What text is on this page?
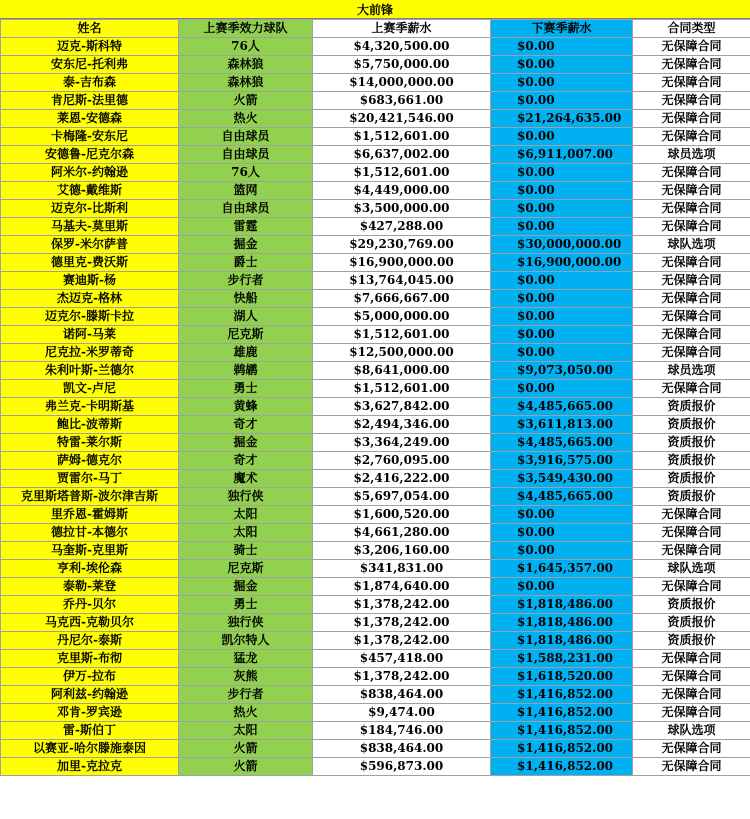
大前锋
姓名	上赛季效力球队	上赛季薪水	下赛季薪水	合同类型
迈克-斯科特	76人	$4,320,500.00	$0.00	无保障合同
安东尼-托利弗	森林狼	$5,750,000.00	$0.00	无保障合同
泰-吉布森	森林狼	$14,000,000.00	$0.00	无保障合同
肯尼斯-法里德	火箭	$683,661.00	$0.00	无保障合同
莱恩-安德森	热火	$20,421,546.00	$21,264,635.00	无保障合同
卡梅隆-安东尼	自由球员	$1,512,601.00	$0.00	无保障合同
安德鲁-尼克尔森	自由球员	$6,637,002.00	$6,911,007.00	球员选项
阿米尔-约翰逊	76人	$1,512,601.00	$0.00	无保障合同
艾德-戴维斯	篮网	$4,449,000.00	$0.00	无保障合同
迈克尔-比斯利	自由球员	$3,500,000.00	$0.00	无保障合同
马基夫-莫里斯	雷霆	$427,288.00	$0.00	无保障合同
保罗-米尔萨普	掘金	$29,230,769.00	$30,000,000.00	球队选项
德里克-费沃斯	爵士	$16,900,000.00	$16,900,000.00	无保障合同
赛迪斯-杨	步行者	$13,764,045.00	$0.00	无保障合同
杰迈克-格林	快船	$7,666,667.00	$0.00	无保障合同
迈克尔-滕斯卡拉	湖人	$5,000,000.00	$0.00	无保障合同
诺阿-马莱	尼克斯	$1,512,601.00	$0.00	无保障合同
尼克拉-米罗蒂奇	雄鹿	$12,500,000.00	$0.00	无保障合同
朱利叶斯-兰德尔	鹈鹕	$8,641,000.00	$9,073,050.00	球员选项
凯文-卢尼	勇士	$1,512,601.00	$0.00	无保障合同
弗兰克-卡明斯基	黄蜂	$3,627,842.00	$4,485,665.00	资质报价
鲍比-波蒂斯	奇才	$2,494,346.00	$3,611,813.00	资质报价
特雷-莱尔斯	掘金	$3,364,249.00	$4,485,665.00	资质报价
萨姆-德克尔	奇才	$2,760,095.00	$3,916,575.00	资质报价
贾雷尔-马丁	魔术	$2,416,222.00	$3,549,430.00	资质报价
克里斯塔普斯-波尔津吉斯	独行侠	$5,697,054.00	$4,485,665.00	资质报价
里乔恩-霍姆斯	太阳	$1,600,520.00	$0.00	无保障合同
德拉甘-本德尔	太阳	$4,661,280.00	$0.00	无保障合同
马奎斯-克里斯	骑士	$3,206,160.00	$0.00	无保障合同
亨利-埃伦森	尼克斯	$341,831.00	$1,645,357.00	球队选项
泰勒-莱登	掘金	$1,874,640.00	$0.00	无保障合同
乔丹-贝尔	勇士	$1,378,242.00	$1,818,486.00	资质报价
马克西-克勒贝尔	独行侠	$1,378,242.00	$1,818,486.00	资质报价
丹尼尔-泰斯	凯尔特人	$1,378,242.00	$1,818,486.00	资质报价
克里斯-布彻	猛龙	$457,418.00	$1,588,231.00	无保障合同
伊万-拉布	灰熊	$1,378,242.00	$1,618,520.00	无保障合同
阿利兹-约翰逊	步行者	$838,464.00	$1,416,852.00	无保障合同
邓肯-罗宾逊	热火	$9,474.00	$1,416,852.00	无保障合同
雷-斯伯丁	太阳	$184,746.00	$1,416,852.00	球队选项
以赛亚-哈尔滕施泰因	火箭	$838,464.00	$1,416,852.00	无保障合同
加里-克拉克	火箭	$596,873.00	$1,416,852.00	无保障合同
